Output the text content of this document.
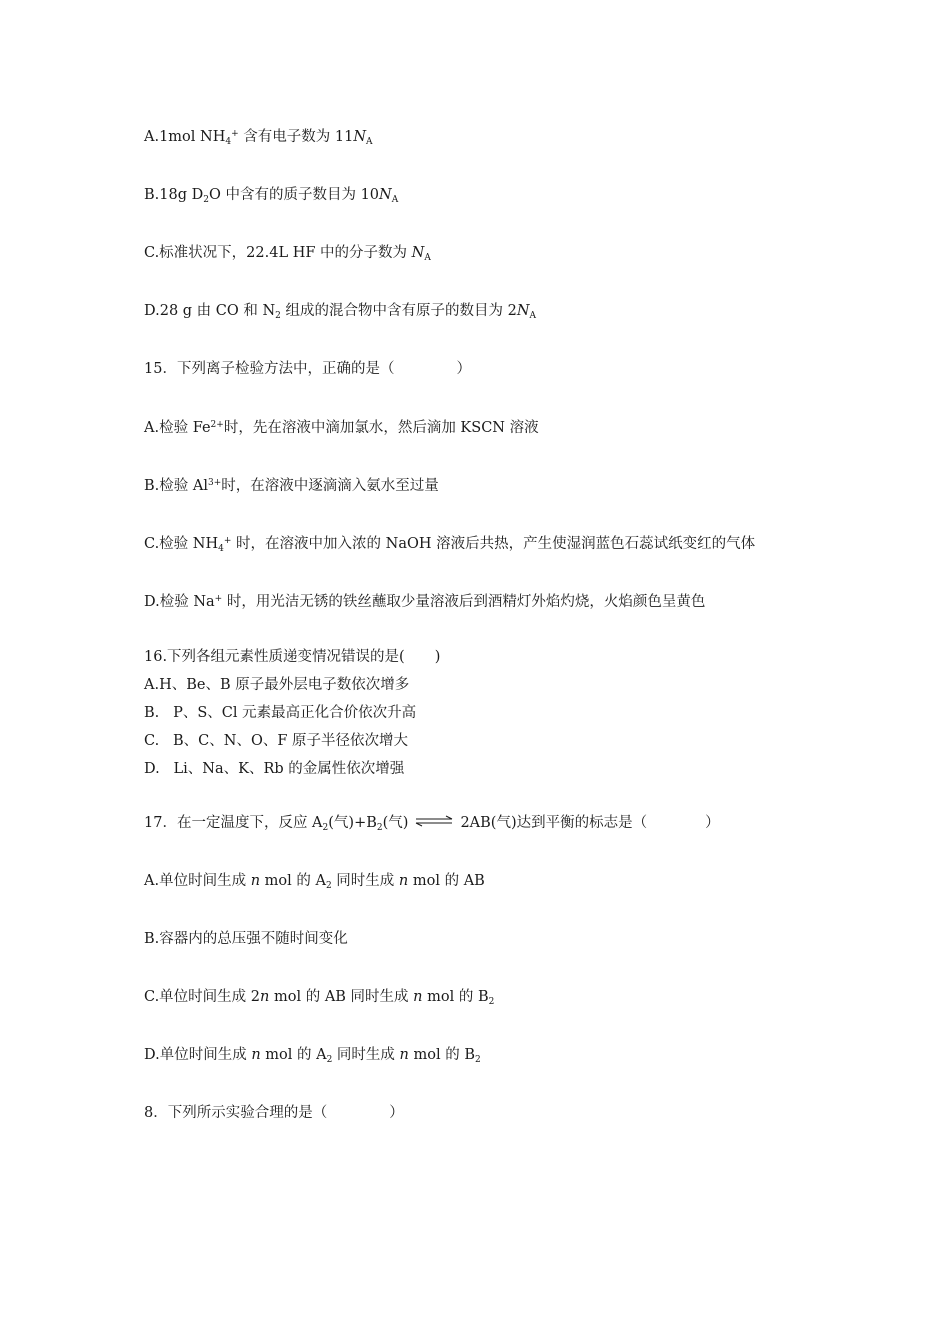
A.1mol $NH_4^+$ 含有电子数为 $11N_A$
B.18g $D_2O$ 中含有的质子数目为 $10N_A$
C.标准状况下，22.4L HF 中的分子数为 $N_A$
D.28 g 由 CO 和 $N_2$ 组成的混合物中含有原子的数目为 $2N_A$
15．下列离子检验方法中，正确的是（	）
A.检验 $Fe^{2+}$时，先在溶液中滴加氯水，然后滴加 KSCN 溶液
B.检验 $Al^{3+}$时，在溶液中逐滴滴入氨水至过量
C.检验 $NH_4^+$ 时，在溶液中加入浓的 NaOH 溶液后共热，产生使湿润蓝色石蕊试纸变红的气体
D.检验 Na+ 时，用光洁无锈的铁丝蘸取少量溶液后到酒精灯外焰灼烧，火焰颜色呈黄色
16.下列各组元素性质递变情况错误的是( )
A.H、Be、B 原子最外层电子数依次增多
B.   P、S、Cl 元素最高正化合价依次升高
C.   B、C、N、O、F 原子半径依次增大
D.   Li、Na、K、Rb 的金属性依次增强
17．在一定温度下，反应 $A_2$(气)$+B_2$(气) ⇌ 2AB(气)达到平衡的标志是（	）
A.单位时间生成 n mol 的 $A_2$ 同时生成 n mol 的 AB
B.容器内的总压强不随时间变化
C.单位时间生成 2n mol 的 AB 同时生成 n mol 的 $B_2$
D.单位时间生成 n mol 的 $A_2$ 同时生成 n mol 的 $B_2$
8．下列所示实验合理的是（	）
